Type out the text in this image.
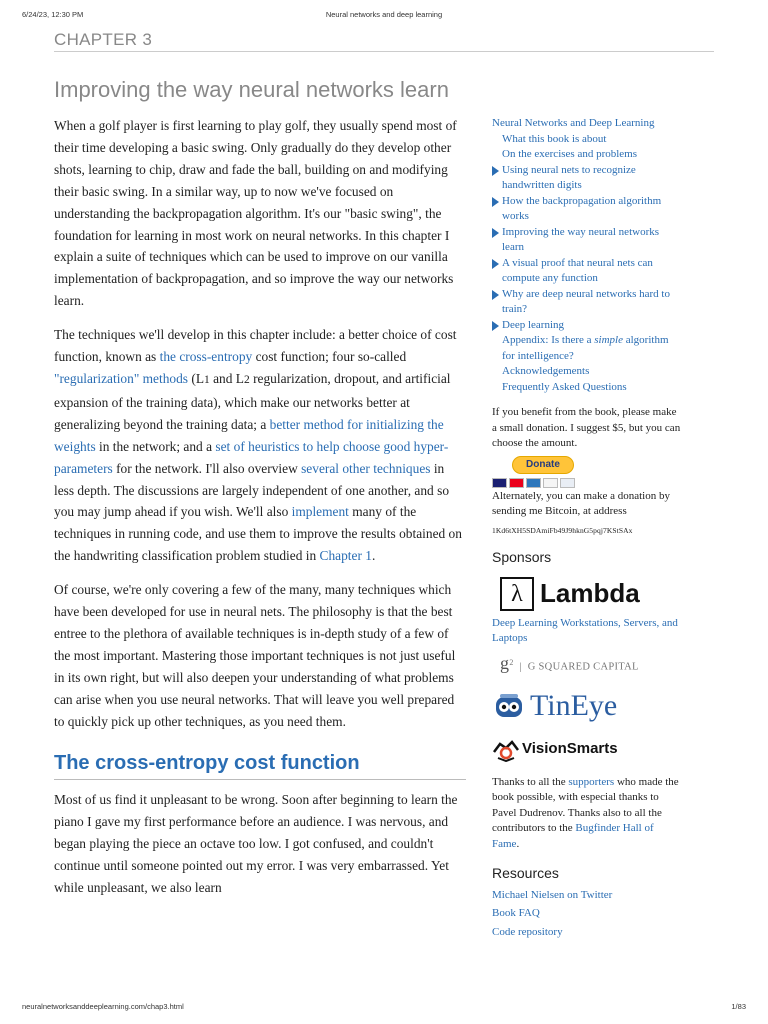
6/24/23, 12:30 PM	Neural networks and deep learning
CHAPTER 3
Improving the way neural networks learn

When a golf player is first learning to play golf, they usually spend most of their time developing a basic swing. Only gradually do they develop other shots, learning to chip, draw and fade the ball, building on and modifying their basic swing. In a similar way, up to now we've focused on understanding the backpropagation algorithm. It's our "basic swing", the foundation for learning in most work on neural networks. In this chapter I explain a suite of techniques which can be used to improve on our vanilla implementation of backpropagation, and so improve the way our networks learn.

The techniques we'll develop in this chapter include: a better choice of cost function, known as the cross-entropy cost function; four so-called "regularization" methods (L1 and L2 regularization, dropout, and artificial expansion of the training data), which make our networks better at generalizing beyond the training data; a better method for initializing the weights in the network; and a set of heuristics to help choose good hyper-parameters for the network. I'll also overview several other techniques in less depth. The discussions are largely independent of one another, and so you may jump ahead if you wish. We'll also implement many of the techniques in running code, and use them to improve the results obtained on the handwriting classification problem studied in Chapter 1.

Of course, we're only covering a few of the many, many techniques which have been developed for use in neural nets. The philosophy is that the best entree to the plethora of available techniques is in-depth study of a few of the most important. Mastering those important techniques is not just useful in its own right, but will also deepen your understanding of what problems can arise when you use neural networks. That will leave you well prepared to quickly pick up other techniques, as you need them.

The cross-entropy cost function

Most of us find it unpleasant to be wrong. Soon after beginning to learn the piano I gave my first performance before an audience. I was nervous, and began playing the piece an octave too low. I got confused, and couldn't continue until someone pointed out my error. I was very embarrassed. Yet while unpleasant, we also learn

Neural Networks and Deep Learning
What this book is about
On the exercises and problems
Using neural nets to recognize handwritten digits
How the backpropagation algorithm works
Improving the way neural networks learn
A visual proof that neural nets can compute any function
Why are deep neural networks hard to train?
Deep learning
Appendix: Is there a simple algorithm for intelligence?
Acknowledgements
Frequently Asked Questions
If you benefit from the book, please make a small donation. I suggest $5, but you can choose the amount.
Donate
Alternately, you can make a donation by sending me Bitcoin, at address
1Kd6tXH5SDAmiFb49J9hknG5pqj7KStSAx
Sponsors
λ Lambda
Deep Learning Workstations, Servers, and Laptops
$g^2$  |  G SQUARED CAPITAL
TinEye
VisionSmarts
Thanks to all the supporters who made the book possible, with especial thanks to Pavel Dudrenov. Thanks also to all the contributors to the Bugfinder Hall of Fame.
Resources
Michael Nielsen on Twitter
Book FAQ
Code repository
neuralnetworksanddeeplearning.com/chap3.html	1/83
